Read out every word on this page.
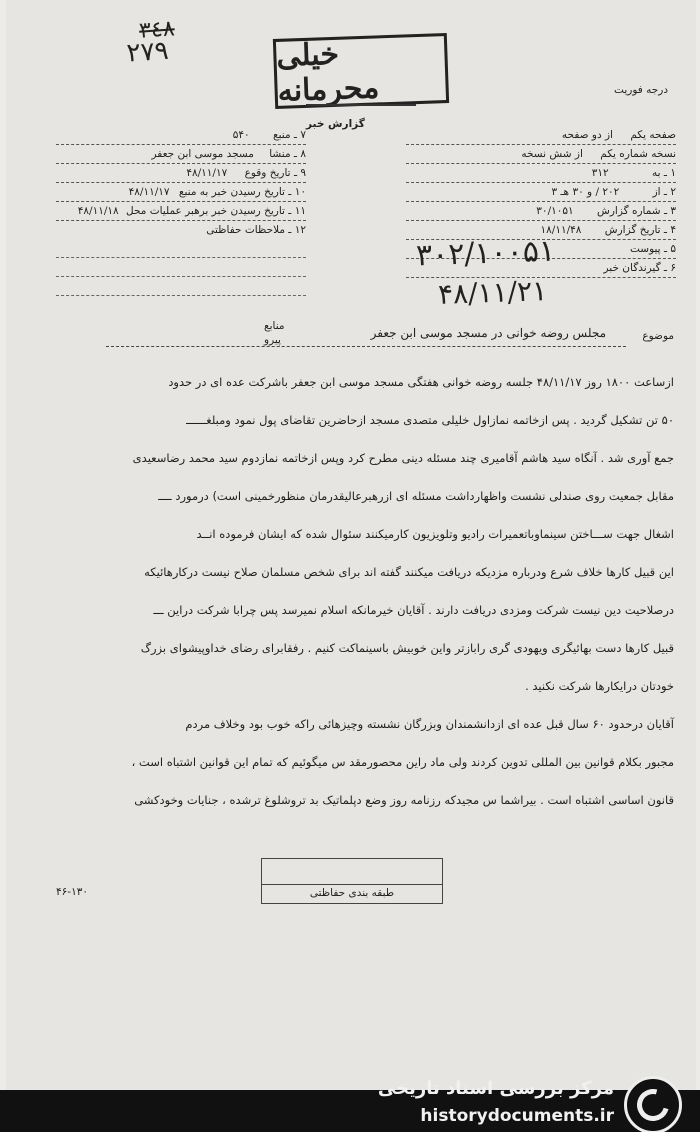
٣٤٨
۲۷۹	خیلی محرمانه	درجه فوریت
گزارش خبر
۷ ـ منبع ۵۴۰
۸ ـ منشا مسجد موسی ابن جعفر
۹ ـ تاریخ وقوع ۴۸/۱۱/۱۷
۱۰ ـ تاریخ رسیدن خبر به منبع ۴۸/۱۱/۱۷
۱۱ ـ تاریخ رسیدن خبر برهبر عملیات محل ۴۸/۱۱/۱۸
۱۲ ـ ملاحظات حفاظتی
صفحه یکم از دو صفحه
نسخه شماره یکم از شش نسخه
۱ ـ به ۳۱۲
۲ ـ از ۲۰۲ / و ۳۰ هـ ۳
۳ ـ شماره گزارش ۳۰/۱۰۵۱
۴ ـ تاریخ گزارش ۱۸/۱۱/۴۸
۵ ـ پیوست
۶ ـ گیرندگان خبر
۳۰۲/۱۰۰۵۱
۴۸/۱۱/۲۱
منابع
پیرو	موضوع
مجلس روضه خوانی در مسجد موسی ابن جعفر

ازساعت ۱۸۰۰ روز ۴۸/۱۱/۱۷ جلسه روضه خوانی هفتگی مسجد موسی ابن جعفر باشرکت عده ای در حدود

۵۰ تن تشکیل گردید . پس ازخاتمه نمازاول خلیلی متصدی مسجد ازحاضرین تقاضای پول نمود ومبلغــــــ

جمع آوری شد . آنگاه سید هاشم آقامیری چند مسئله دینی مطرح کرد وپس ازخاتمه نمازدوم سید محمد رضاسعیدی

مقابل جمعیت روی صندلی نشست واظهارداشت مسئله ای ازرهبرعالیقدرمان منظورخمینی است) درمورد ــــ

اشغال جهت ســـاختن سینماوباتعمیرات رادیو وتلویزیون کارمیکنند سئوال شده که ایشان فرموده انــد

این قبیل کارها خلاف شرع ودرباره مزدیکه دریافت میکنند گفته اند برای شخص مسلمان صلاح نیست درکارهائیکه

درصلاحیت دین نیست شرکت ومزدی دریافت دارند . آقایان خیرمانکه اسلام نمیرسد پس چرابا شرکت دراین ـــ

قبیل کارها دست بهائیگری ویهودی گری رابازتر واین خوبیش باسینماکت کنیم . رفقابرای رضای خداوپیشوای بزرگ

خودتان درایکارها شرکت نکنید .

آقایان درحدود ۶۰ سال قبل عده ای ازدانشمندان وبزرگان نشسته وچیزهائی راکه خوب بود وخلاف مردم

مجبور بکلام قوانین بین المللی تدوین کردند ولی ماد راین محصورمقد س میگوئیم که تمام این قوانین اشتباه است ،

قانون اساسی اشتباه است . بیراشما س مجیدکه رزنامه روز وضع دپلماتیک بد تروشلوغ ترشده ، جنایات وخودکشی

طبقه بندی حفاظتی
۴۶-۱۳۰
مرکز بررسی اسناد تاریخی
historydocuments.ir
